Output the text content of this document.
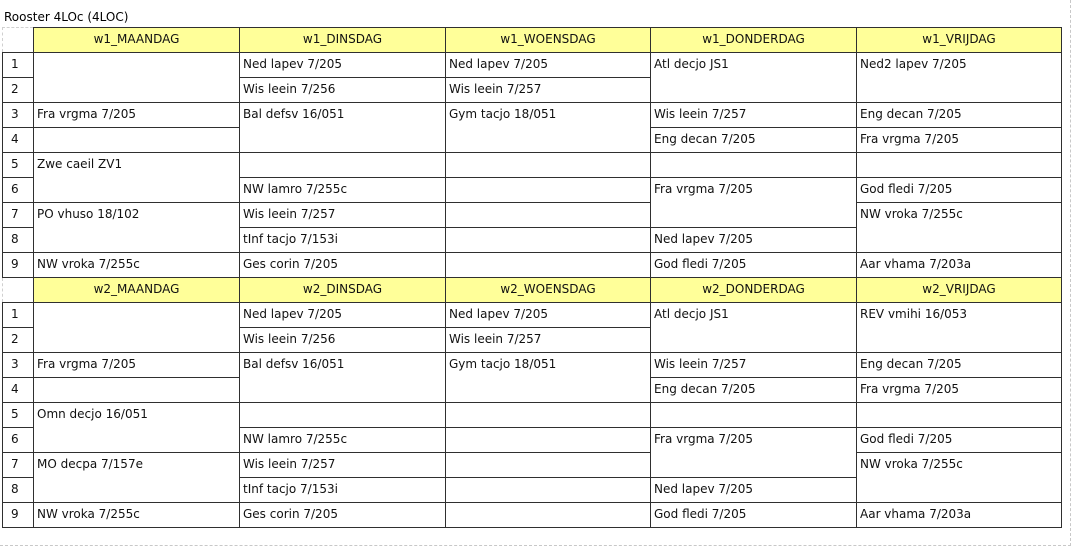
Rooster 4LOc (4LOC)
	w1_MAANDAG	w1_DINSDAG	w1_WOENSDAG	w1_DONDERDAG	w1_VRIJDAG
1		Ned lapev 7/205	Ned lapev 7/205	Atl decjo JS1	Ned2 lapev 7/205
2		Wis leein 7/256	Wis leein 7/257		
3	Fra vrgma 7/205	Bal defsv 16/051	Gym tacjo 18/051	Wis leein 7/257	Eng decan 7/205
4				Eng decan 7/205	Fra vrgma 7/205
5	Zwe caeil ZV1				
6		NW lamro 7/255c		Fra vrgma 7/205	God fledi 7/205
7	PO vhuso 18/102	Wis leein 7/257			NW vroka 7/255c
8		tInf tacjo 7/153i		Ned lapev 7/205	
9	NW vroka 7/255c	Ges corin 7/205		God fledi 7/205	Aar vhama 7/203a
	w2_MAANDAG	w2_DINSDAG	w2_WOENSDAG	w2_DONDERDAG	w2_VRIJDAG
1		Ned lapev 7/205	Ned lapev 7/205	Atl decjo JS1	REV vmihi 16/053
2		Wis leein 7/256	Wis leein 7/257		
3	Fra vrgma 7/205	Bal defsv 16/051	Gym tacjo 18/051	Wis leein 7/257	Eng decan 7/205
4				Eng decan 7/205	Fra vrgma 7/205
5	Omn decjo 16/051				
6		NW lamro 7/255c		Fra vrgma 7/205	God fledi 7/205
7	MO decpa 7/157e	Wis leein 7/257			NW vroka 7/255c
8		tInf tacjo 7/153i		Ned lapev 7/205	
9	NW vroka 7/255c	Ges corin 7/205		God fledi 7/205	Aar vhama 7/203a
